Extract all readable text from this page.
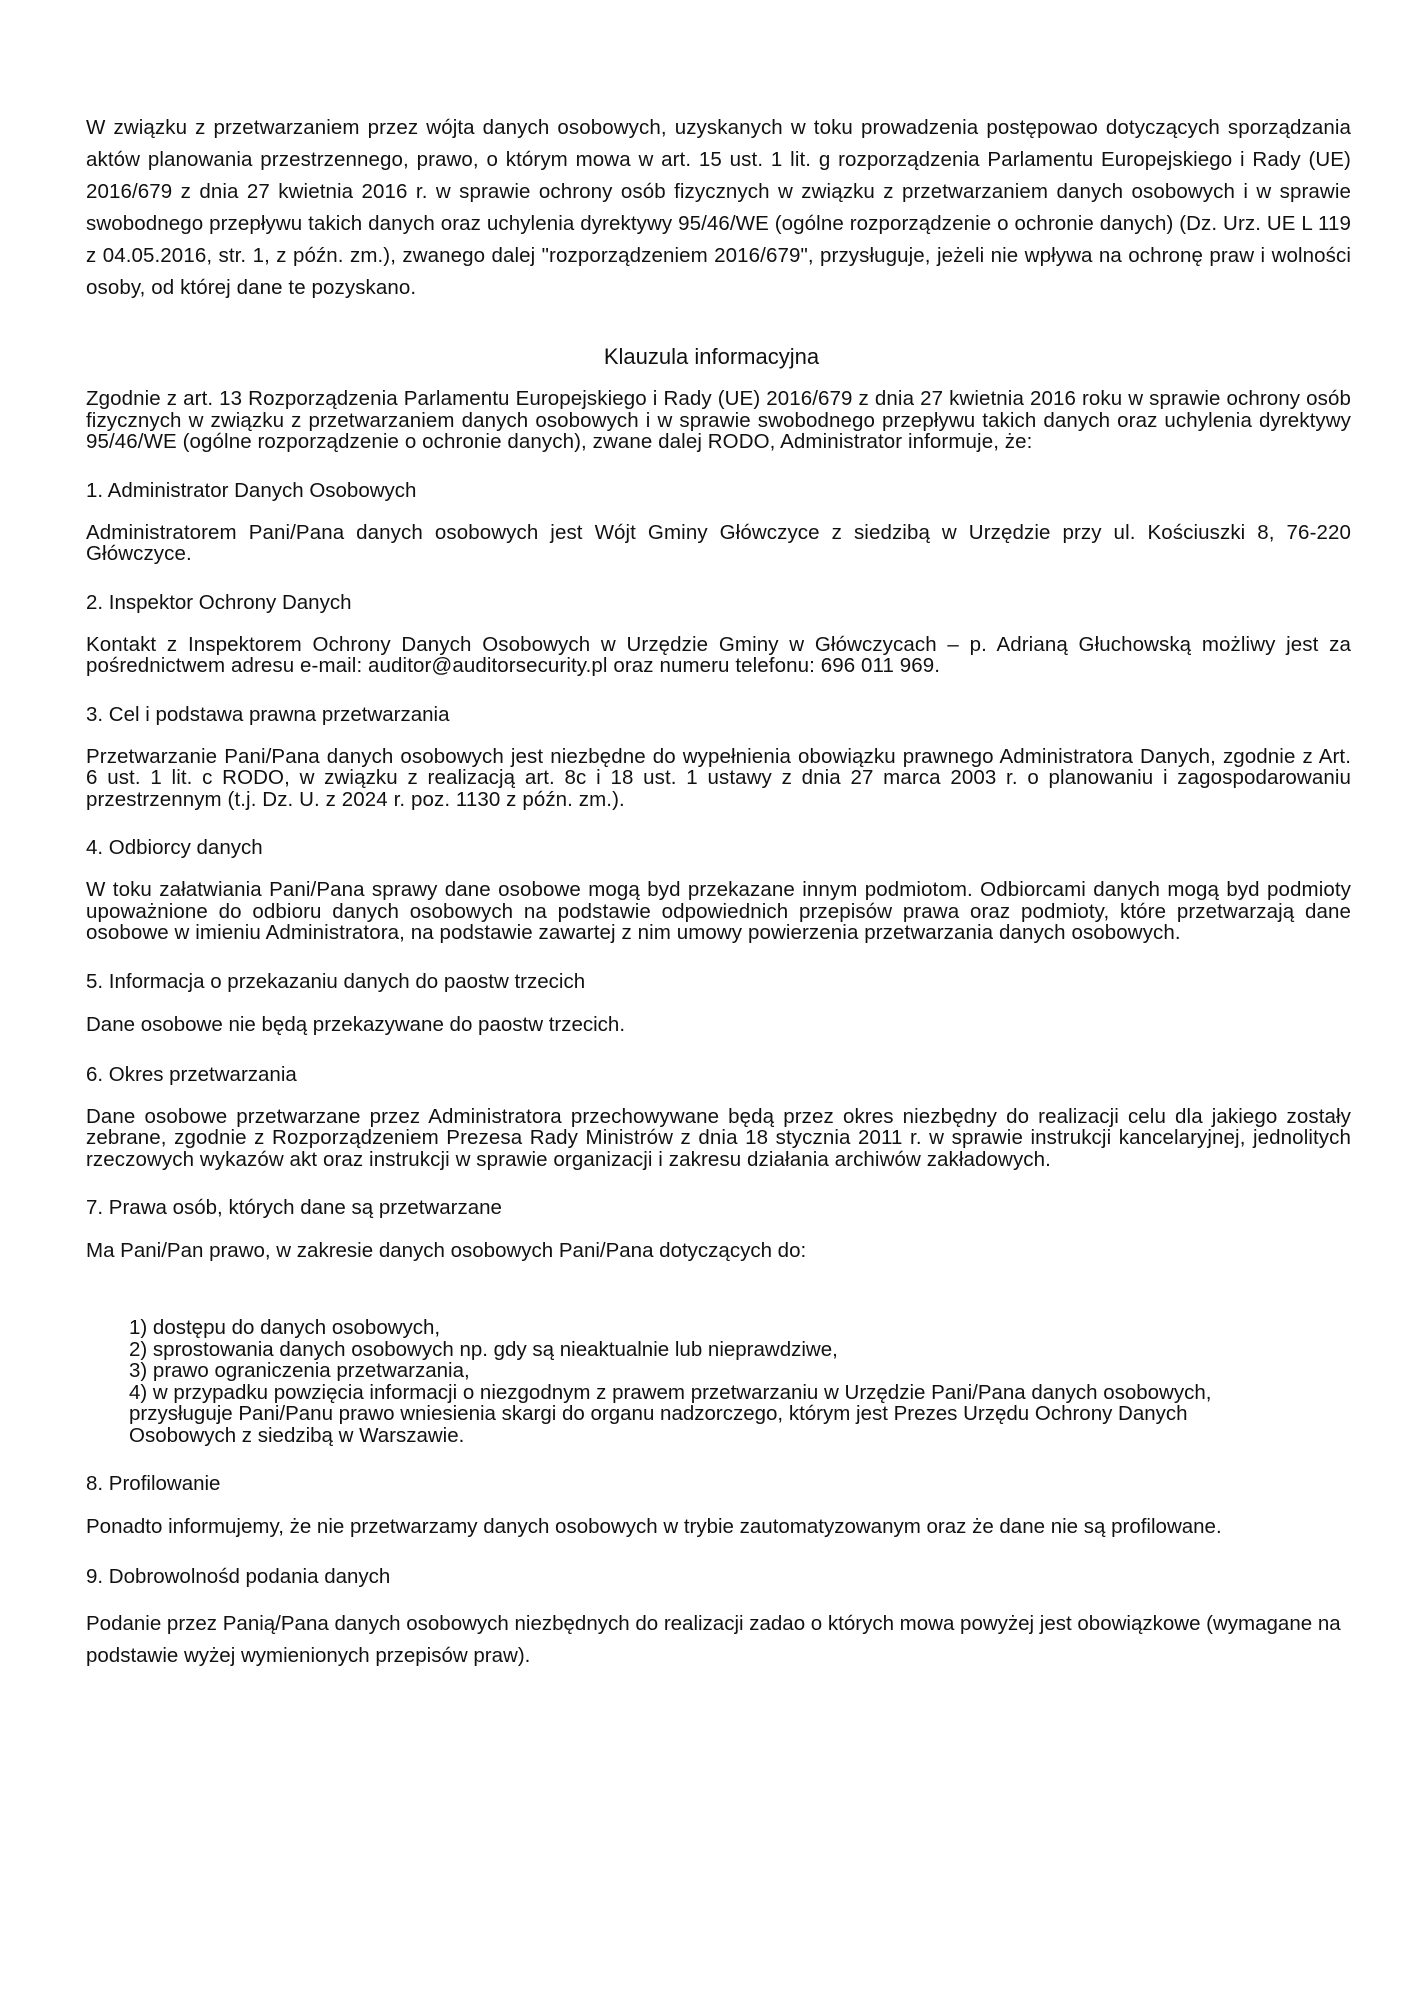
W związku z przetwarzaniem przez wójta danych osobowych, uzyskanych w toku prowadzenia postępowao dotyczących sporządzania aktów planowania przestrzennego, prawo, o którym mowa w art. 15 ust. 1 lit. g rozporządzenia Parlamentu Europejskiego i Rady (UE) 2016/679 z dnia 27 kwietnia 2016 r. w sprawie ochrony osób fizycznych w związku z przetwarzaniem danych osobowych i w sprawie swobodnego przepływu takich danych oraz uchylenia dyrektywy 95/46/WE (ogólne rozporządzenie o ochronie danych) (Dz. Urz. UE L 119 z 04.05.2016, str. 1, z późn. zm.), zwanego dalej "rozporządzeniem 2016/679", przysługuje, jeżeli nie wpływa na ochronę praw i wolności osoby, od której dane te pozyskano.

Klauzula informacyjna

Zgodnie z art. 13 Rozporządzenia Parlamentu Europejskiego i Rady (UE) 2016/679 z dnia 27 kwietnia 2016 roku w sprawie ochrony osób fizycznych w związku z przetwarzaniem danych osobowych i w sprawie swobodnego przepływu takich danych oraz uchylenia dyrektywy 95/46/WE (ogólne rozporządzenie o ochronie danych), zwane dalej RODO, Administrator informuje, że:

1. Administrator Danych Osobowych

Administratorem Pani/Pana danych osobowych jest Wójt Gminy Główczyce z siedzibą w Urzędzie przy ul. Kościuszki 8, 76-220 Główczyce.

2. Inspektor Ochrony Danych

Kontakt z Inspektorem Ochrony Danych Osobowych w Urzędzie Gminy w Główczycach – p. Adrianą Głuchowską możliwy jest za pośrednictwem adresu e-mail: auditor@auditorsecurity.pl oraz numeru telefonu: 696 011 969.

3. Cel i podstawa prawna przetwarzania

Przetwarzanie Pani/Pana danych osobowych jest niezbędne do wypełnienia obowiązku prawnego Administratora Danych, zgodnie z Art. 6 ust. 1 lit. c RODO, w związku z realizacją art. 8c i 18 ust. 1 ustawy z dnia 27 marca 2003 r. o planowaniu i zagospodarowaniu przestrzennym (t.j. Dz. U. z 2024 r. poz. 1130 z późn. zm.).

4. Odbiorcy danych

W toku załatwiania Pani/Pana sprawy dane osobowe mogą byd przekazane innym podmiotom. Odbiorcami danych mogą byd podmioty upoważnione do odbioru danych osobowych na podstawie odpowiednich przepisów prawa oraz podmioty, które przetwarzają dane osobowe w imieniu Administratora, na podstawie zawartej z nim umowy powierzenia przetwarzania danych osobowych.

5. Informacja o przekazaniu danych do paostw trzecich

Dane osobowe nie będą przekazywane do paostw trzecich.

6. Okres przetwarzania

Dane osobowe przetwarzane przez Administratora przechowywane będą przez okres niezbędny do realizacji celu dla jakiego zostały zebrane, zgodnie z Rozporządzeniem Prezesa Rady Ministrów z dnia 18 stycznia 2011 r. w sprawie instrukcji kancelaryjnej, jednolitych rzeczowych wykazów akt oraz instrukcji w sprawie organizacji i zakresu działania archiwów zakładowych.

7. Prawa osób, których dane są przetwarzane

Ma Pani/Pan prawo, w zakresie danych osobowych Pani/Pana dotyczących do:

1) dostępu do danych osobowych,
2) sprostowania danych osobowych np. gdy są nieaktualnie lub nieprawdziwe,
3) prawo ograniczenia przetwarzania,
4) w przypadku powzięcia informacji o niezgodnym z prawem przetwarzaniu w Urzędzie Pani/Pana danych osobowych,
przysługuje Pani/Panu prawo wniesienia skargi do organu nadzorczego, którym jest Prezes Urzędu Ochrony Danych
Osobowych z siedzibą w Warszawie.
8. Profilowanie

Ponadto informujemy, że nie przetwarzamy danych osobowych w trybie zautomatyzowanym oraz że dane nie są profilowane.

9. Dobrowolnośd podania danych

Podanie przez Panią/Pana danych osobowych niezbędnych do realizacji zadao o których mowa powyżej jest obowiązkowe (wymagane na podstawie wyżej wymienionych przepisów praw).
